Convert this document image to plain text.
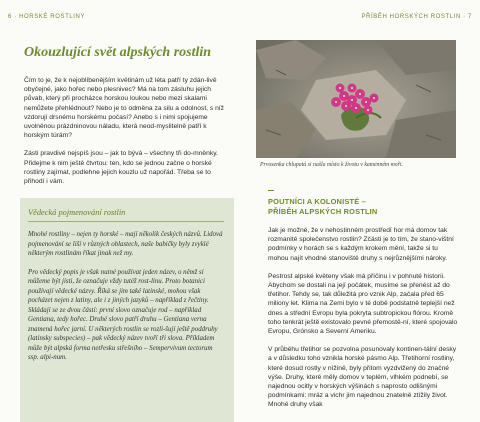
6 · HORSKÉ ROSTLINY	PŘÍBĚH HORSKÝCH ROSTLIN · 7
Okouzlující svět alpských rostlin

Čím to je, že k nejoblíbenějším květinám už léta patří ty zdán-livě obyčejné, jako hořec nebo plesnivec? Má na tom zásluhu jejich půvab, který při procházce horskou loukou nebo mezi skalami nemůžete přehlédnout? Nebo je to odměna za silu a odolnost, s níž vzdorují drsnému horskému počasí? Anebo s i nimi spojujeme uvolněnou prázdninovou náladu, která neod-myslitelně patří k horským túrám?

Zásti pravdivé nejspíš jsou – jak to bývá – všechny tři do-mněnky. Přidejme k nim ještě čtvrtou: ten, kdo se jednou začne o horské rostliny zajímat, podlehne jejich kouzlu už napořád. Třeba se to přihodí i vám.

Vědecká pojmenování rostlin

Mnohé rostliny – nejen ty horské – mají několik českých názvů. Lidová pojmenování se liší v různých oblastech, naše babičky byly zvyklé některým rostlinám říkat jinak než my.

Pro vědecký popis je však nutné používat jeden název, o němž si můžeme být jisti, že označuje vždy tutéž rost-linu. Proto botanici používají vědecké názvy. Říká se jim také latinské, mohou však pocházet nejen z latiny, ale i z jiných jazyků – například z řečtiny. Skládají se ze dvou částí: první slovo označuje rod – například Gentiana, tedy hořec. Druhé slovo patří druhu – Gentiana verna znamená hořec jarní. U některých rostlin se rozli-šují ještě poddruhy (latinsky subspecies) – pak vědecký název tvoří tři slova. Příkladem může být alpská forma netřesku střešního – Sempervivum tectorum ssp. alpi-num.

Prvosenka chlupatá si našla místo k životu v kamenném moři.
POUTNÍCI A KOLONISTÉ –
PŘÍBĚH ALPSKÝCH ROSTLIN

Jak je možné, že v nehostinném prostředí hor má domov tak rozmanité společenstvo rostlin? Zčásti je to tím, že stano-vištní podmínky v horách se s každým krokem mění, takže si tu mohou najít vhodné stanoviště druhy s nejrůznějšími nároky.

Pestrost alpské květeny však má příčinu i v pohnuté historii. Abychom se dostali na její počátek, musíme se přenést až do třetihor. Tehdy se, tak důležitá pro vznik Alp, začala před 65 miliony let. Klima na Zemi bylo v té době podstatně teplejší než dnes a střední Evropu byla pokryta subtropickou flórou. Kromě toho tenkrát ještě existovalo pevné přemostě-ní, které spojovalo Evropu, Grónsko a Severní Ameriku.

V průběhu třetihor se pozvolna posunovaly kontinen-tální desky a v důsledku toho vznikla horské pásmo Alp. Třetihorní rostliny, které dosud rostly v nížině, byly přitom vyzdvižený do značné výše. Druhy, které měly domov v teplém, vlhkém podnebí, se najednou ocitly v horských výšinách s naprosto odlišnými podmínkami: mráz a vichr jim najednou znatelně ztížily život. Mnohé druhy však
